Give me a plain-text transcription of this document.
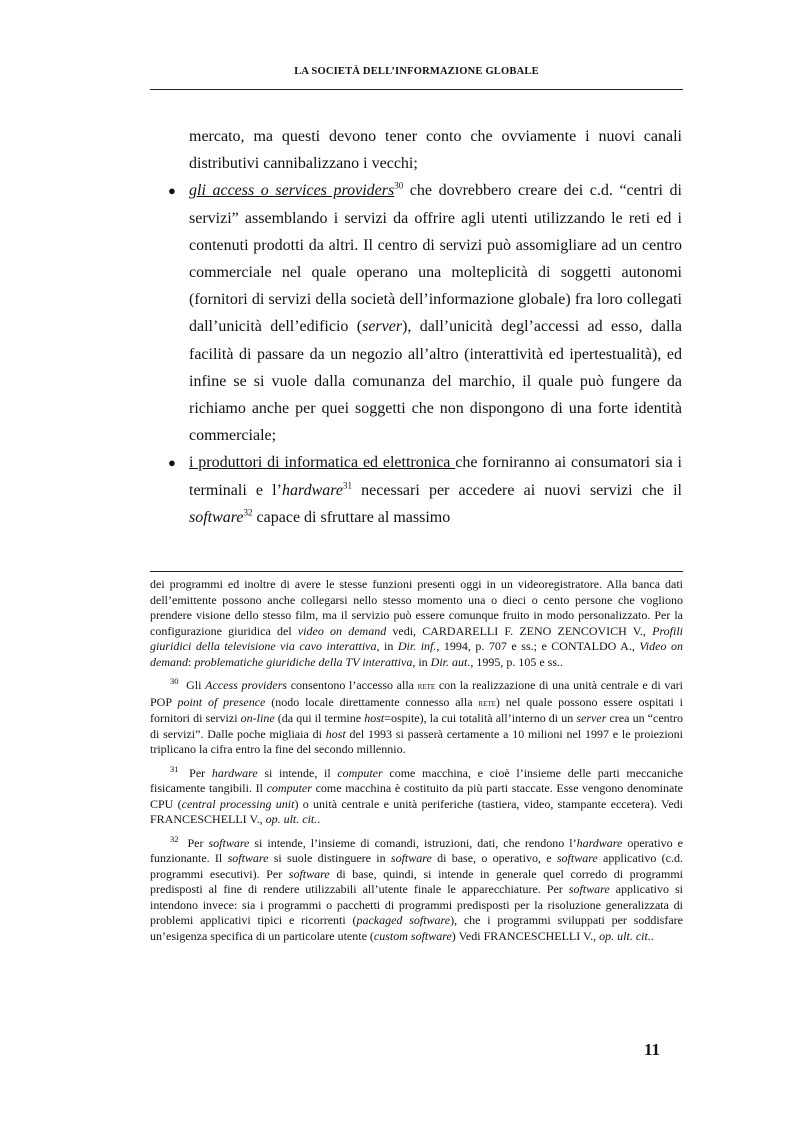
LA SOCIETÀ DELL’INFORMAZIONE GLOBALE
mercato, ma questi devono tener conto che ovviamente i nuovi canali distributivi cannibalizzano i vecchi;
● gli access o services providers$^{30}$ che dovrebbero creare dei c.d. “centri di servizi” assemblando i servizi da offrire agli utenti utilizzando le reti ed i contenuti prodotti da altri. Il centro di servizi può assomigliare ad un centro commerciale nel quale operano una molteplicità di soggetti autonomi (fornitori di servizi della società dell’informazione globale) fra loro collegati dall’unicità dell’edificio (server), dall’unicità degl’accessi ad esso, dalla facilità di passare da un negozio all’altro (interattività ed ipertestualità), ed infine se si vuole dalla comunanza del marchio, il quale può fungere da richiamo anche per quei soggetti che non dispongono di una forte identità commerciale;
● i produttori di informatica ed elettronica che forniranno ai consumatori sia i terminali e l’hardware$^{31}$ necessari per accedere ai nuovi servizi che il software$^{32}$ capace di sfruttare al massimo

dei programmi ed inoltre di avere le stesse funzioni presenti oggi in un videoregistratore. Alla banca dati dell’emittente possono anche collegarsi nello stesso momento una o dieci o cento persone che vogliono prendere visione dello stesso film, ma il servizio può essere comunque fruito in modo personalizzato. Per la configurazione giuridica del video on demand vedi, CARDARELLI F. ZENO ZENCOVICH V., Profili giuridici della televisione via cavo interattiva, in Dir. inf., 1994, p. 707 e ss.; e CONTALDO A., Video on demand: problematiche giuridiche della TV interattiva, in Dir. aut., 1995, p. 105 e ss..

$^{30}$ Gli Access providers consentono l’accesso alla rete con la realizzazione di una unità centrale e di vari POP point of presence (nodo locale direttamente connesso alla rete) nel quale possono essere ospitati i fornitori di servizi on-line (da qui il termine host=ospite), la cui totalità all’interno di un server crea un “centro di servizi”. Dalle poche migliaia di host del 1993 si passerà certamente a 10 milioni nel 1997 e le proiezioni triplicano la cifra entro la fine del secondo millennio.

$^{31}$ Per hardware si intende, il computer come macchina, e cioè l’insieme delle parti meccaniche fisicamente tangibili. Il computer come macchina è costituito da più parti staccate. Esse vengono denominate CPU (central processing unit) o unità centrale e unità periferiche (tastiera, video, stampante eccetera). Vedi FRANCESCHELLI V., op. ult. cit..

$^{32}$ Per software si intende, l’insieme di comandi, istruzioni, dati, che rendono l’hardware operativo e funzionante. Il software si suole distinguere in software di base, o operativo, e software applicativo (c.d. programmi esecutivi). Per software di base, quindi, si intende in generale quel corredo di programmi predisposti al fine di rendere utilizzabili all’utente finale le apparecchiature. Per software applicativo si intendono invece: sia i programmi o pacchetti di programmi predisposti per la risoluzione generalizzata di problemi applicativi tipici e ricorrenti (packaged software), che i programmi sviluppati per soddisfare un’esigenza specifica di un particolare utente (custom software) Vedi FRANCESCHELLI V., op. ult. cit..

11
